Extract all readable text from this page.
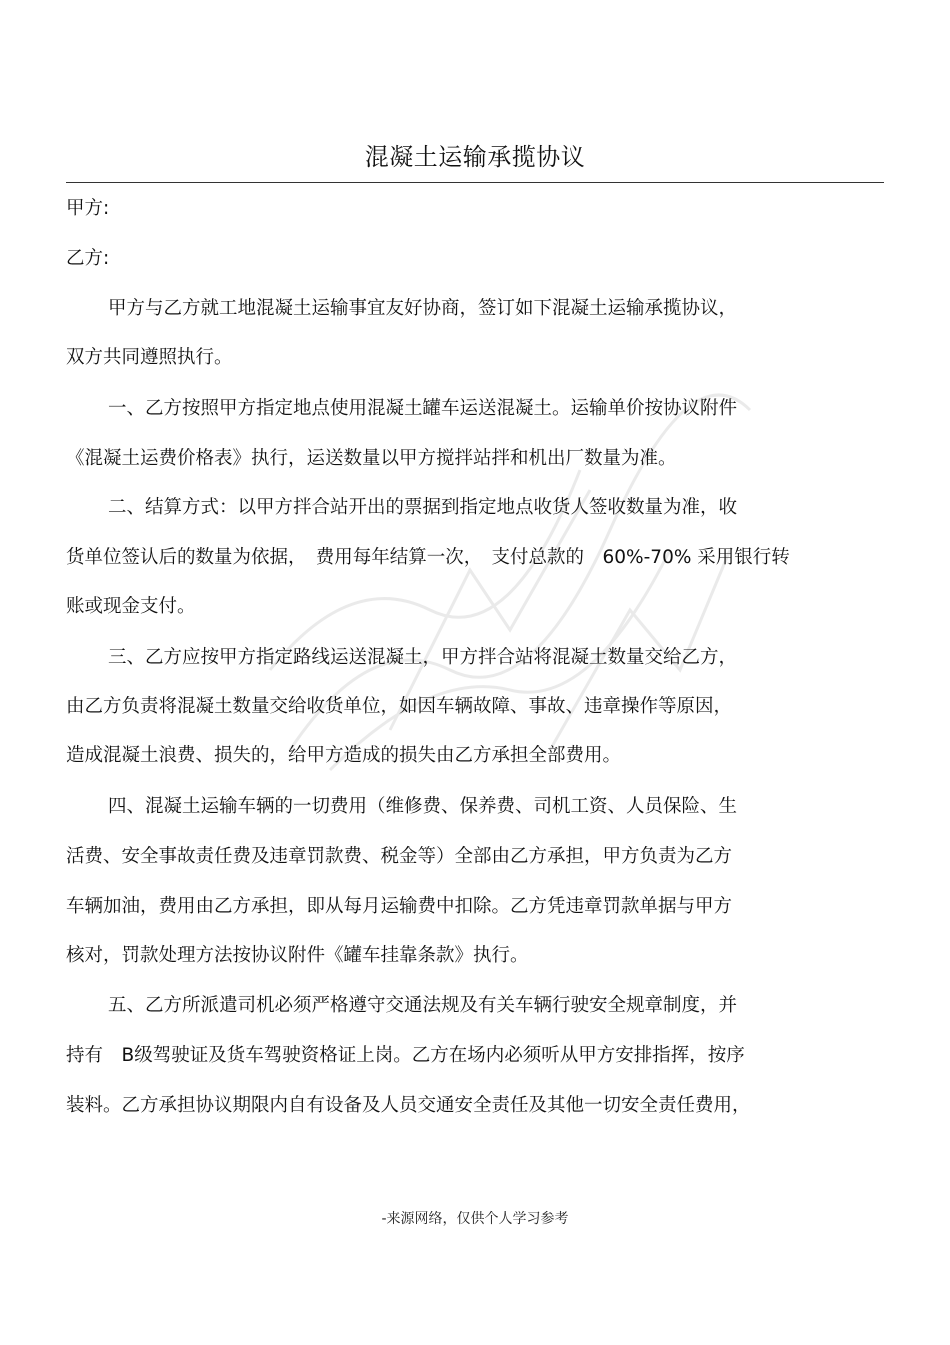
混凝土运输承揽协议
甲方:
乙方:
甲方与乙方就工地混凝土运输事宜友好协商，签订如下混凝土运输承揽协议，
双方共同遵照执行。
一、乙方按照甲方指定地点使用混凝土罐车运送混凝土。运输单价按协议附件
《混凝土运费价格表》执行，运送数量以甲方搅拌站拌和机出厂数量为准。
二、结算方式：以甲方拌合站开出的票据到指定地点收货人签收数量为准，收
货单位签认后的数量为依据，　费用每年结算一次，　支付总款的　60%-70% 采用银行转
账或现金支付。
三、乙方应按甲方指定路线运送混凝土，甲方拌合站将混凝土数量交给乙方，
由乙方负责将混凝土数量交给收货单位，如因车辆故障、事故、违章操作等原因，
造成混凝土浪费、损失的，给甲方造成的损失由乙方承担全部费用。
四、混凝土运输车辆的一切费用（维修费、保养费、司机工资、人员保险、生
活费、安全事故责任费及违章罚款费、税金等）全部由乙方承担，甲方负责为乙方
车辆加油，费用由乙方承担，即从每月运输费中扣除。乙方凭违章罚款单据与甲方
核对，罚款处理方法按协议附件《罐车挂靠条款》执行。
五、乙方所派遣司机必须严格遵守交通法规及有关车辆行驶安全规章制度，并
持有　B级驾驶证及货车驾驶资格证上岗。乙方在场内必须听从甲方安排指挥，按序
装料。乙方承担协议期限内自有设备及人员交通安全责任及其他一切安全责任费用，
-来源网络，仅供个人学习参考
